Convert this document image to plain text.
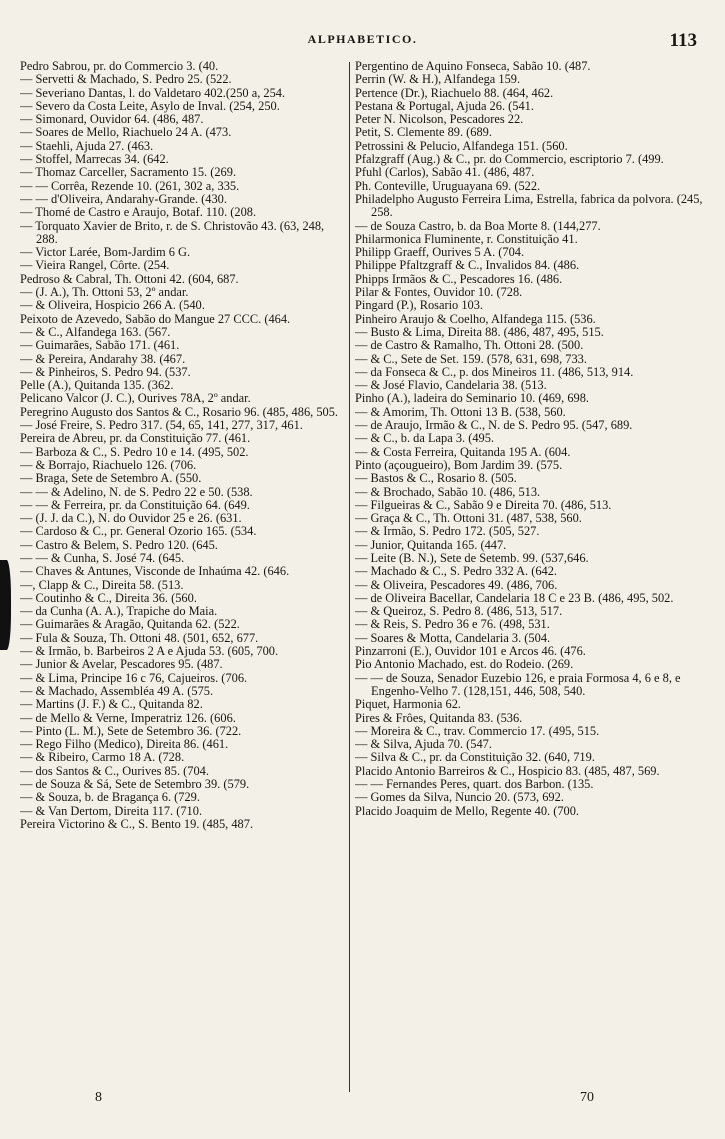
ALPHABETICO.	113

Pedro Sabrou, pr. do Commercio 3. (40.

— Servetti & Machado, S. Pedro 25. (522.

— Severiano Dantas, l. do Valdetaro 402.(250 a, 254.

— Severo da Costa Leite, Asylo de Inval. (254, 250.

— Simonard, Ouvidor 64. (486, 487.

— Soares de Mello, Riachuelo 24 A. (473.

— Staehli, Ajuda 27. (463.

— Stoffel, Marrecas 34. (642.

— Thomaz Carceller, Sacramento 15. (269.

— — Corrêa, Rezende 10. (261, 302 a, 335.

— — d'Oliveira, Andarahy-Grande. (430.

— Thomé de Castro e Araujo, Botaf. 110. (208.

— Torquato Xavier de Brito, r. de S. Christovão 43. (63, 248, 288.

— Victor Larée, Bom-Jardim 6 G.

— Vieira Rangel, Côrte. (254.

Pedroso & Cabral, Th. Ottoni 42. (604, 687.

— (J. A.), Th. Ottoni 53, 2º andar.

— & Oliveira, Hospicio 266 A. (540.

Peixoto de Azevedo, Sabão do Mangue 27 CCC. (464.

— & C., Alfandega 163. (567.

— Guimarães, Sabão 171. (461.

— & Pereira, Andarahy 38. (467.

— & Pinheiros, S. Pedro 94. (537.

Pelle (A.), Quitanda 135. (362.

Pelicano Valcor (J. C.), Ourives 78A, 2º andar.

Peregrino Augusto dos Santos & C., Rosario 96. (485, 486, 505.

— José Freire, S. Pedro 317. (54, 65, 141, 277, 317, 461.

Pereira de Abreu, pr. da Constituição 77. (461.

— Barboza & C., S. Pedro 10 e 14. (495, 502.

— & Borrajo, Riachuelo 126. (706.

— Braga, Sete de Setembro A. (550.

— — & Adelino, N. de S. Pedro 22 e 50. (538.

— — & Ferreira, pr. da Constituição 64. (649.

— (J. J. da C.), N. do Ouvidor 25 e 26. (631.

— Cardoso & C., pr. General Ozorio 165. (534.

— Castro & Belem, S. Pedro 120. (645.

— — & Cunha, S. José 74. (645.

— Chaves & Antunes, Visconde de Inhaúma 42. (646.

—, Clapp & C., Direita 58. (513.

— Coutinho & C., Direita 36. (560.

— da Cunha (A. A.), Trapiche do Maia.

— Guimarães & Aragão, Quitanda 62. (522.

— Fula & Souza, Th. Ottoni 48. (501, 652, 677.

— & Irmão, b. Barbeiros 2 A e Ajuda 53. (605, 700.

— Junior & Avelar, Pescadores 95. (487.

— & Lima, Principe 16 c 76, Cajueiros. (706.

— & Machado, Assembléa 49 A. (575.

— Martins (J. F.) & C., Quitanda 82.

— de Mello & Verne, Imperatriz 126. (606.

— Pinto (L. M.), Sete de Setembro 36. (722.

— Rego Filho (Medico), Direita 86. (461.

— & Ribeiro, Carmo 18 A. (728.

— dos Santos & C., Ourives 85. (704.

— de Souza & Sá, Sete de Setembro 39. (579.

— & Souza, b. de Bragança 6. (729.

— & Van Dertom, Direita 117. (710.

Pereira Victorino & C., S. Bento 19. (485, 487.

Pergentino de Aquino Fonseca, Sabão 10. (487.

Perrin (W. & H.), Alfandega 159.

Pertence (Dr.), Riachuelo 88. (464, 462.

Pestana & Portugal, Ajuda 26. (541.

Peter N. Nicolson, Pescadores 22.

Petit, S. Clemente 89. (689.

Petrossini & Pelucio, Alfandega 151. (560.

Pfalzgraff (Aug.) & C., pr. do Commercio, escriptorio 7. (499.

Pfuhl (Carlos), Sabão 41. (486, 487.

Ph. Conteville, Uruguayana 69. (522.

Philadelpho Augusto Ferreira Lima, Estrella, fabrica da polvora. (245, 258.

— de Souza Castro, b. da Boa Morte 8. (144,277.

Philarmonica Fluminente, r. Constituição 41.

Philipp Graeff, Ourives 5 A. (704.

Philippe Pfaltzgraff & C., Invalidos 84. (486.

Phipps Irmãos & C., Pescadores 16. (486.

Pilar & Fontes, Ouvidor 10. (728.

Pingard (P.), Rosario 103.

Pinheiro Araujo & Coelho, Alfandega 115. (536.

— Busto & Lima, Direita 88. (486, 487, 495, 515.

— de Castro & Ramalho, Th. Ottoni 28. (500.

— & C., Sete de Set. 159. (578, 631, 698, 733.

— da Fonseca & C., p. dos Mineiros 11. (486, 513, 914.

— & José Flavio, Candelaria 38. (513.

Pinho (A.), ladeira do Seminario 10. (469, 698.

— & Amorim, Th. Ottoni 13 B. (538, 560.

— de Araujo, Irmão & C., N. de S. Pedro 95. (547, 689.

— & C., b. da Lapa 3. (495.

— & Costa Ferreira, Quitanda 195 A. (604.

Pinto (açougueiro), Bom Jardim 39. (575.

— Bastos & C., Rosario 8. (505.

— & Brochado, Sabão 10. (486, 513.

— Filgueiras & C., Sabão 9 e Direita 70. (486, 513.

— Graça & C., Th. Ottoni 31. (487, 538, 560.

— & Irmão, S. Pedro 172. (505, 527.

— Junior, Quitanda 165. (447.

— Leite (B. N.), Sete de Setemb. 99. (537,646.

— Machado & C., S. Pedro 332 A. (642.

— & Oliveira, Pescadores 49. (486, 706.

— de Oliveira Bacellar, Candelaria 18 C e 23 B. (486, 495, 502.

— & Queiroz, S. Pedro 8. (486, 513, 517.

— & Reis, S. Pedro 36 e 76. (498, 531.

— Soares & Motta, Candelaria 3. (504.

Pinzarroni (E.), Ouvidor 101 e Arcos 46. (476.

Pio Antonio Machado, est. do Rodeio. (269.

— — de Souza, Senador Euzebio 126, e praia Formosa 4, 6 e 8, e Engenho-Velho 7. (128,151, 446, 508, 540.

Piquet, Harmonia 62.

Pires & Frôes, Quitanda 83. (536.

— Moreira & C., trav. Commercio 17. (495, 515.

— & Silva, Ajuda 70. (547.

— Silva & C., pr. da Constituição 32. (640, 719.

Placido Antonio Barreiros & C., Hospicio 83. (485, 487, 569.

— — Fernandes Peres, quart. dos Barbon. (135.

— Gomes da Silva, Nuncio 20. (573, 692.

Placido Joaquim de Mello, Regente 40. (700.

8	70
